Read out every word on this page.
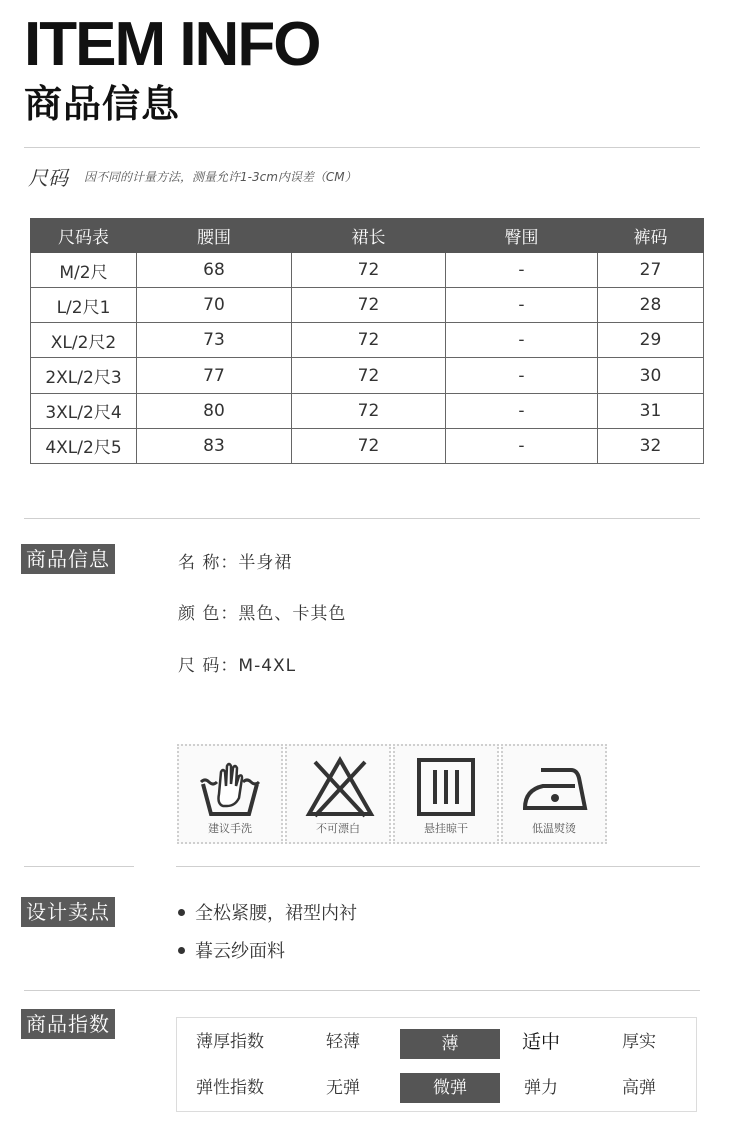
ITEM INFO
商品信息
尺码 因不同的计量方法，测量允许1-3cm内误差（CM）
尺码表	腰围	裙长	臀围	裤码
M/2尺	68	72	-	27
L/2尺1	70	72	-	28
XL/2尺2	73	72	-	29
2XL/2尺3	77	72	-	30
3XL/2尺4	80	72	-	31
4XL/2尺5	83	72	-	32
商品信息	名 称：半身裙
颜 色：黑色、卡其色
尺 码：M-4XL
建议手洗	不可漂白	悬挂晾干	低温熨烫
设计卖点	全松紧腰，裙型内衬
暮云纱面料
商品指数
薄厚指数	轻薄	薄	适中	厚实
弹性指数	无弹	微弹	弹力	高弹
